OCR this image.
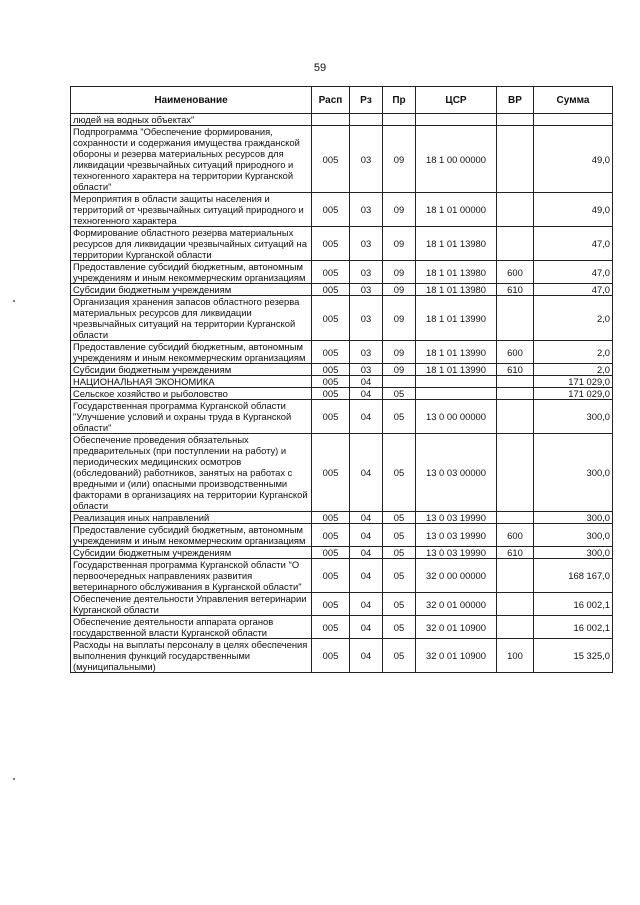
59
Наименование	Расп	Рз	Пр	ЦСР	ВР	Сумма
людей на водных объектах"						
Подпрограмма "Обеспечение формирования, сохранности и содержания имущества гражданской обороны и резерва материальных ресурсов для ликвидации чрезвычайных ситуаций природного и техногенного характера на территории Курганской области"	005	03	09	18 1 00 00000		49,0
Мероприятия в области защиты населения и территорий от чрезвычайных ситуаций природного и техногенного характера	005	03	09	18 1 01 00000		49,0
Формирование областного резерва материальных ресурсов для ликвидации чрезвычайных ситуаций на территории Курганской области	005	03	09	18 1 01 13980		47,0
Предоставление субсидий бюджетным, автономным учреждениям и иным некоммерческим организациям	005	03	09	18 1 01 13980	600	47,0
Субсидии бюджетным учреждениям	005	03	09	18 1 01 13980	610	47,0
Организация хранения запасов областного резерва материальных ресурсов для ликвидации чрезвычайных ситуаций на территории Курганской области	005	03	09	18 1 01 13990		2,0
Предоставление субсидий бюджетным, автономным учреждениям и иным некоммерческим организациям	005	03	09	18 1 01 13990	600	2,0
Субсидии бюджетным учреждениям	005	03	09	18 1 01 13990	610	2,0
НАЦИОНАЛЬНАЯ ЭКОНОМИКА	005	04				171 029,0
Сельское хозяйство и рыболовство	005	04	05			171 029,0
Государственная программа Курганской области "Улучшение условий и охраны труда в Курганской области"	005	04	05	13 0 00 00000		300,0
Обеспечение проведения обязательных предварительных (при поступлении на работу) и периодических медицинских осмотров (обследований) работников, занятых на работах с вредными и (или) опасными производственными факторами в организациях на территории Курганской области	005	04	05	13 0 03 00000		300,0
Реализация иных направлений	005	04	05	13 0 03 19990		300,0
Предоставление субсидий бюджетным, автономным учреждениям и иным некоммерческим организациям	005	04	05	13 0 03 19990	600	300,0
Субсидии бюджетным учреждениям	005	04	05	13 0 03 19990	610	300,0
Государственная программа Курганской области "О первоочередных направлениях развития ветеринарного обслуживания в Курганской области"	005	04	05	32 0 00 00000		168 167,0
Обеспечение деятельности Управления ветеринарии Курганской области	005	04	05	32 0 01 00000		16 002,1
Обеспечение деятельности аппарата органов государственной власти Курганской области	005	04	05	32 0 01 10900		16 002,1
Расходы на выплаты персоналу в целях обеспечения выполнения функций государственными (муниципальными)	005	04	05	32 0 01 10900	100	15 325,0
